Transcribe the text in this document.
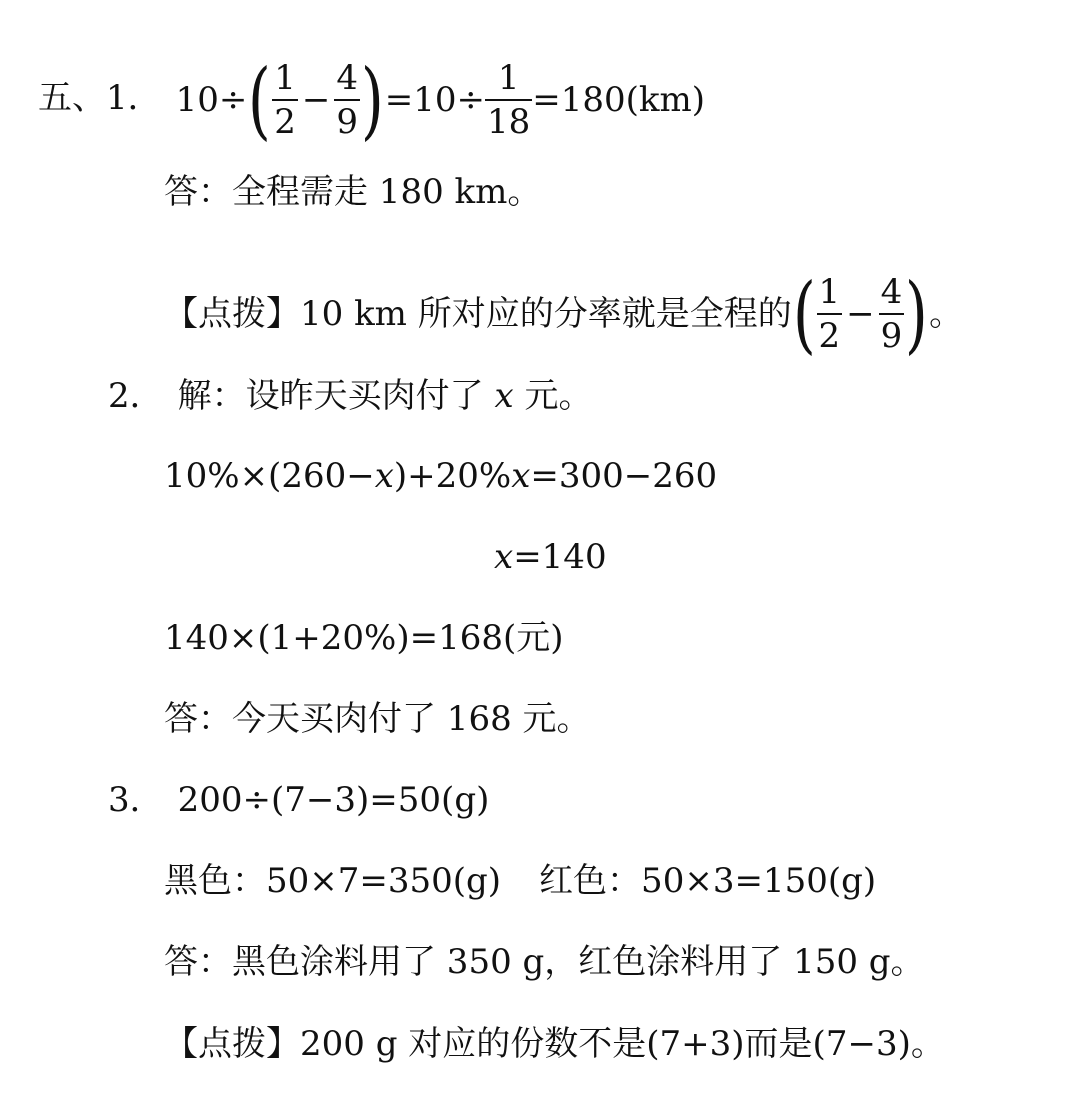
五、1． 10÷ ( $\frac{1}{2} - \frac{4}{9}$ ) $=10\div \frac{1}{18} =180(km)$
答：全程需走 180 km。
【点拨】10 km 所对应的分率就是全程的 ( $\frac{1}{2} - \frac{4}{9}$ ) 。
2． 解：设昨天买肉付了 x 元。
10%×(260−x)+20%x=300−260
x=140
140×(1+20%)=168(元)
答：今天买肉付了 168 元。
3． 200÷(7−3)=50(g)
黑色：50×7=350(g) 红色：50×3=150(g)
答：黑色涂料用了 350 g，红色涂料用了 150 g。
【点拨】200 g 对应的份数不是(7+3)而是(7−3)。
